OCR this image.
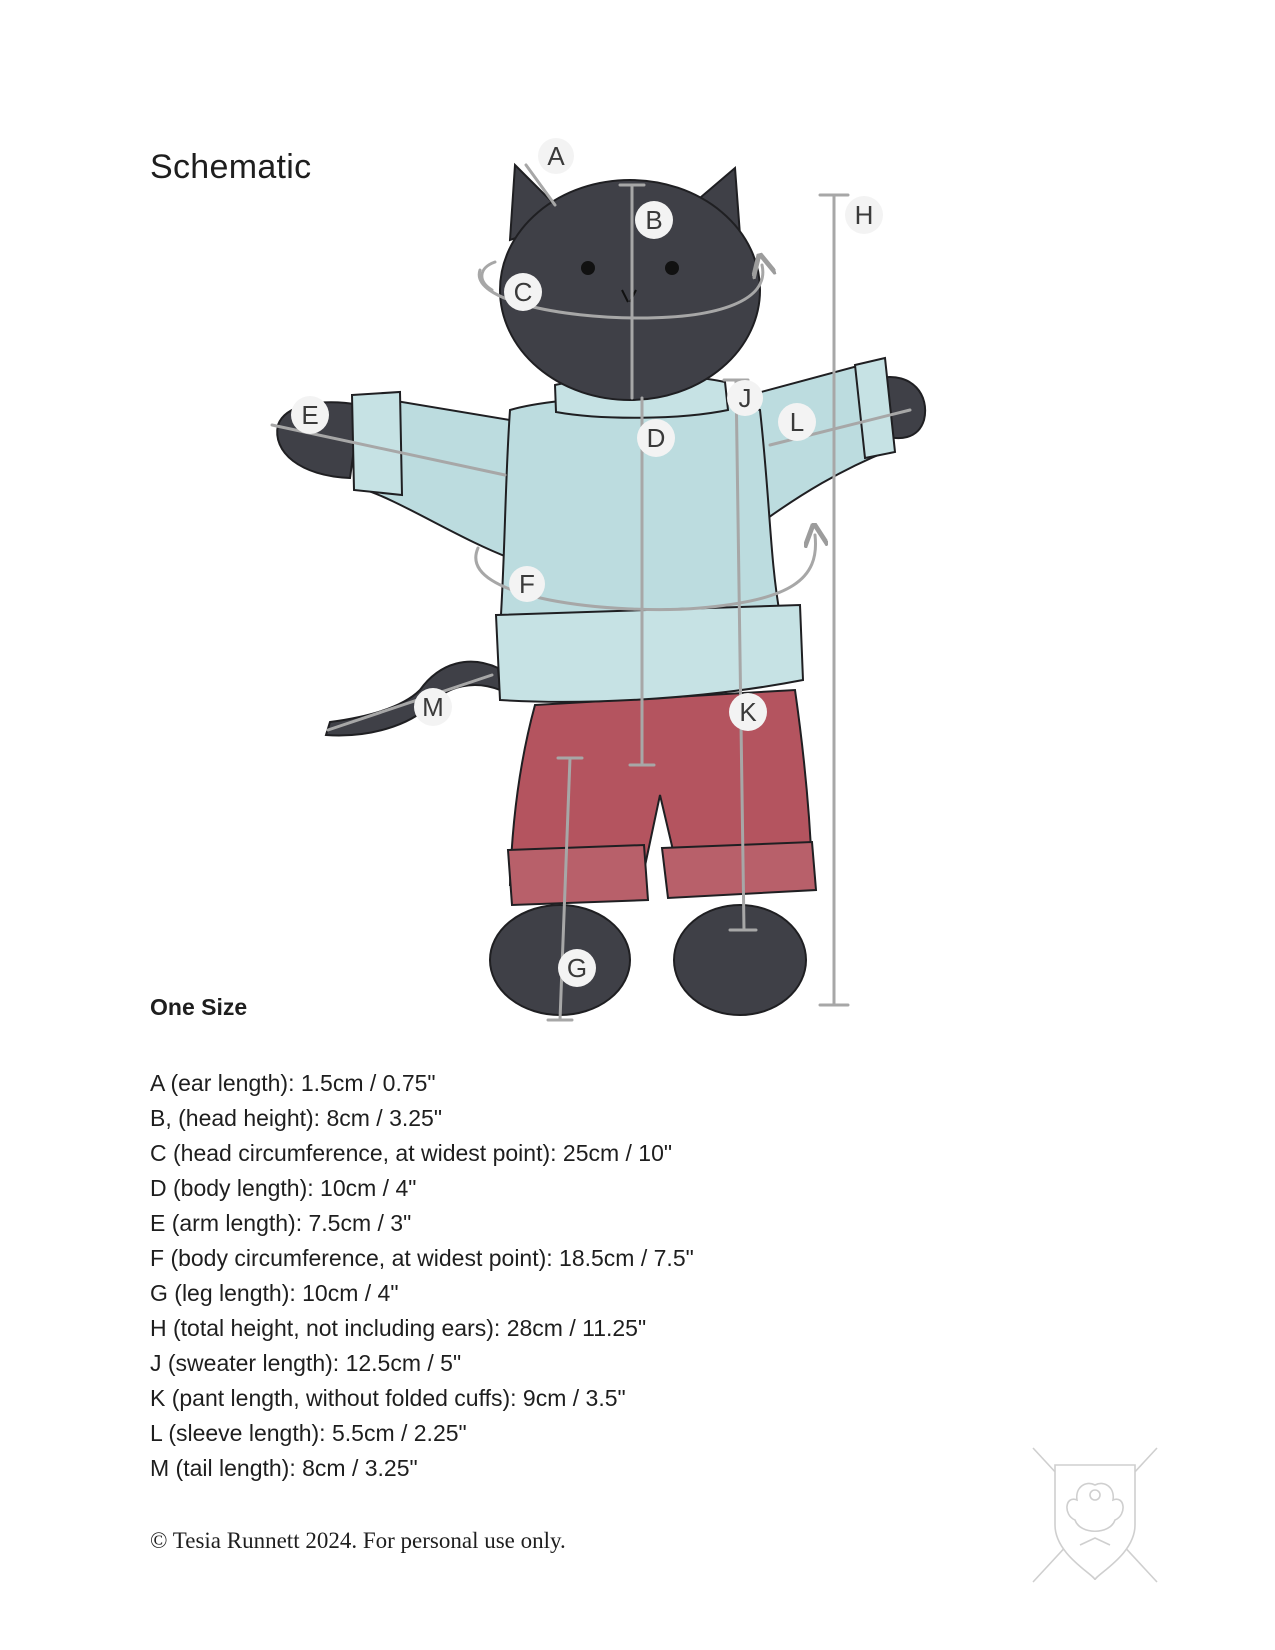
Schematic	A
B
C
D
E
F
G
H
J
K
L
M
One Size
A (ear length): 1.5cm / 0.75"
B, (head height): 8cm / 3.25"
C (head circumference, at widest point): 25cm / 10"
D (body length): 10cm / 4"
E (arm length): 7.5cm / 3"
F (body circumference, at widest point): 18.5cm / 7.5"
G (leg length): 10cm / 4"
H (total height, not including ears): 28cm / 11.25"
J (sweater length): 12.5cm / 5"
K (pant length, without folded cuffs): 9cm / 3.5"
L (sleeve length): 5.5cm / 2.25"
M (tail length): 8cm / 3.25"
© Tesia Runnett 2024. For personal use only.
